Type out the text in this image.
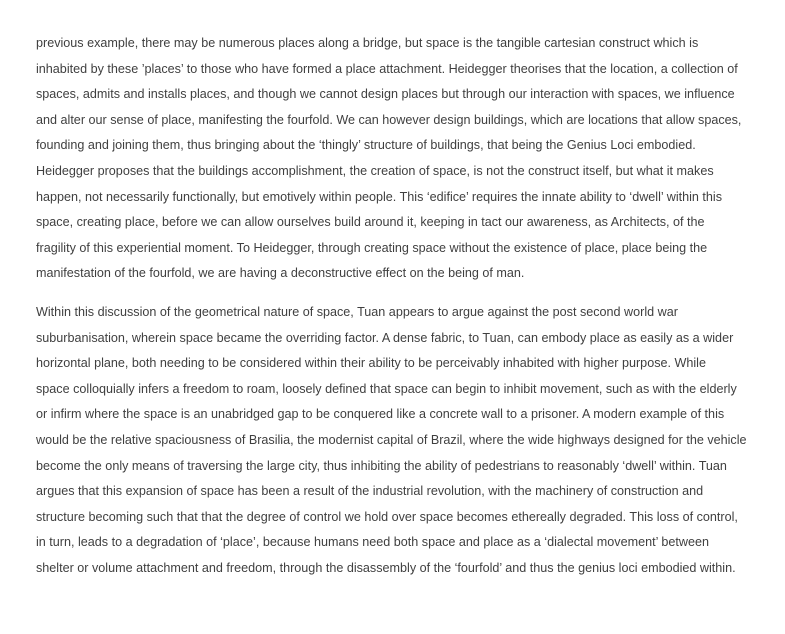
previous example, there may be numerous places along a bridge, but space is the tangible cartesian construct which is
inhabited by these ’places’ to those who have formed a place attachment. Heidegger theorises that the location, a collection of
spaces, admits and installs places, and though we cannot design places but through our interaction with spaces, we influence
and alter our sense of place, manifesting the fourfold. We can however design buildings, which are locations that allow spaces,
founding and joining them, thus bringing about the ‘thingly’ structure of buildings, that being the Genius Loci embodied.
Heidegger proposes that the buildings accomplishment, the creation of space, is not the construct itself, but what it makes
happen, not necessarily functionally, but emotively within people. This ‘edifice’ requires the innate ability to ‘dwell’ within this
space, creating place, before we can allow ourselves build around it, keeping in tact our awareness, as Architects, of the
fragility of this experiential moment. To Heidegger, through creating space without the existence of place, place being the
manifestation of the fourfold, we are having a deconstructive effect on the being of man.

Within this discussion of the geometrical nature of space, Tuan appears to argue against the post second world war
suburbanisation, wherein space became the overriding factor. A dense fabric, to Tuan, can embody place as easily as a wider
horizontal plane, both needing to be considered within their ability to be perceivably inhabited with higher purpose. While
space colloquially infers a freedom to roam, loosely defined that space can begin to inhibit movement, such as with the elderly
or infirm where the space is an unabridged gap to be conquered like a concrete wall to a prisoner. A modern example of this
would be the relative spaciousness of Brasilia, the modernist capital of Brazil, where the wide highways designed for the vehicle
become the only means of traversing the large city, thus inhibiting the ability of pedestrians to reasonably ‘dwell’ within. Tuan
argues that this expansion of space has been a result of the industrial revolution, with the machinery of construction and
structure becoming such that that the degree of control we hold over space becomes ethereally degraded. This loss of control,
in turn, leads to a degradation of ‘place’, because humans need both space and place as a ‘dialectal movement’ between
shelter or volume attachment and freedom, through the disassembly of the ‘fourfold’ and thus the genius loci embodied within.
